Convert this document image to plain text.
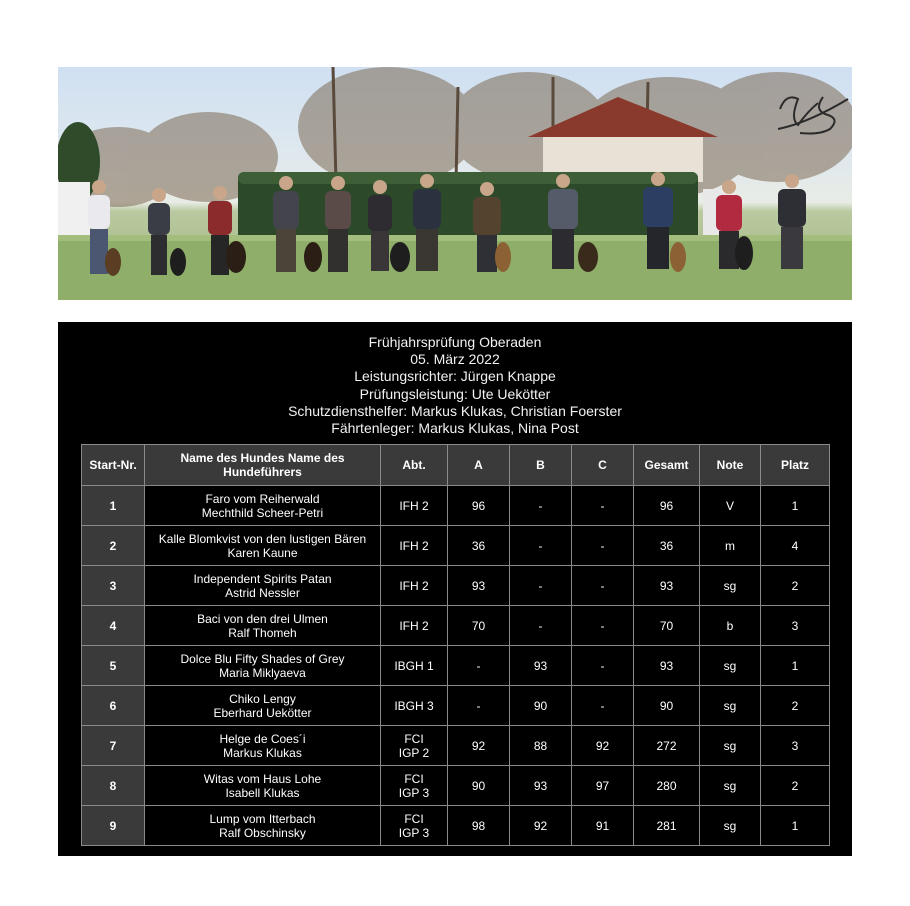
Frühjahrsprüfung Oberaden
05. März 2022
Leistungsrichter: Jürgen Knappe
Prüfungsleistung: Ute Uekötter
Schutzdiensthelfer: Markus Klukas, Christian Foerster
Fährtenleger: Markus Klukas, Nina Post
Start-Nr.	Name des Hundes Name des Hundeführers	Abt.	A	B	C	Gesamt	Note	Platz
1	Faro vom Reiherwald
Mechthild Scheer-Petri	IFH 2	96	-	-	96	V	1
2	Kalle Blomkvist von den lustigen Bären
Karen Kaune	IFH 2	36	-	-	36	m	4
3	Independent Spirits Patan
Astrid Nessler	IFH 2	93	-	-	93	sg	2
4	Baci von den drei Ulmen
Ralf Thomeh	IFH 2	70	-	-	70	b	3
5	Dolce Blu Fifty Shades of Grey
Maria Miklyaeva	IBGH 1	-	93	-	93	sg	1
6	Chiko Lengy
Eberhard Uekötter	IBGH 3	-	90	-	90	sg	2
7	Helge de Coes´i
Markus Klukas	FCI
IGP 2	92	88	92	272	sg	3
8	Witas vom Haus Lohe
Isabell Klukas	FCI
IGP 3	90	93	97	280	sg	2
9	Lump vom Itterbach
Ralf Obschinsky	FCI
IGP 3	98	92	91	281	sg	1
